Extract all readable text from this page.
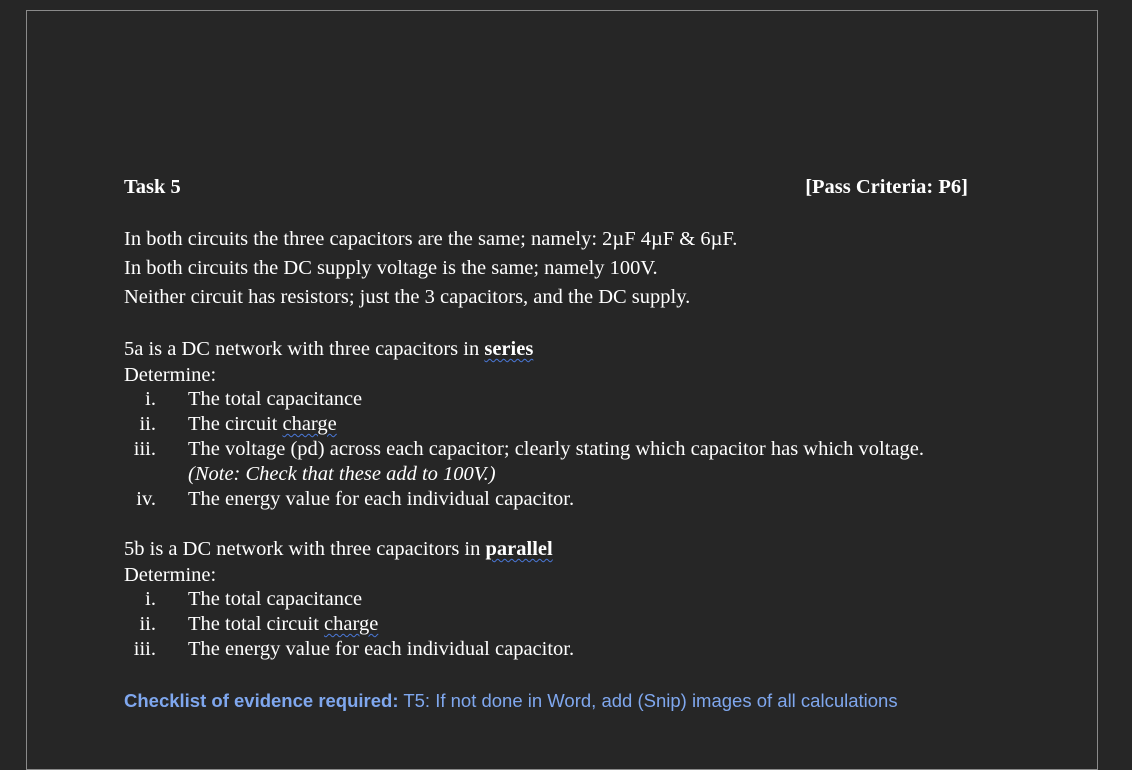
Task 5	[Pass Criteria: P6]
In both circuits the three capacitors are the same; namely: 2µF 4µF & 6µF.
In both circuits the DC supply voltage is the same; namely 100V.
Neither circuit has resistors; just the 3 capacitors, and the DC supply.
5a is a DC network with three capacitors in series
Determine:
i. The total capacitance
ii. The circuit charge
iii. The voltage (pd) across each capacitor; clearly stating which capacitor has which voltage.
(Note: Check that these add to 100V.)
iv. The energy value for each individual capacitor.
5b is a DC network with three capacitors in parallel
Determine:
i. The total capacitance
ii. The total circuit charge
iii. The energy value for each individual capacitor.
Checklist of evidence required: T5: If not done in Word, add (Snip) images of all calculations
